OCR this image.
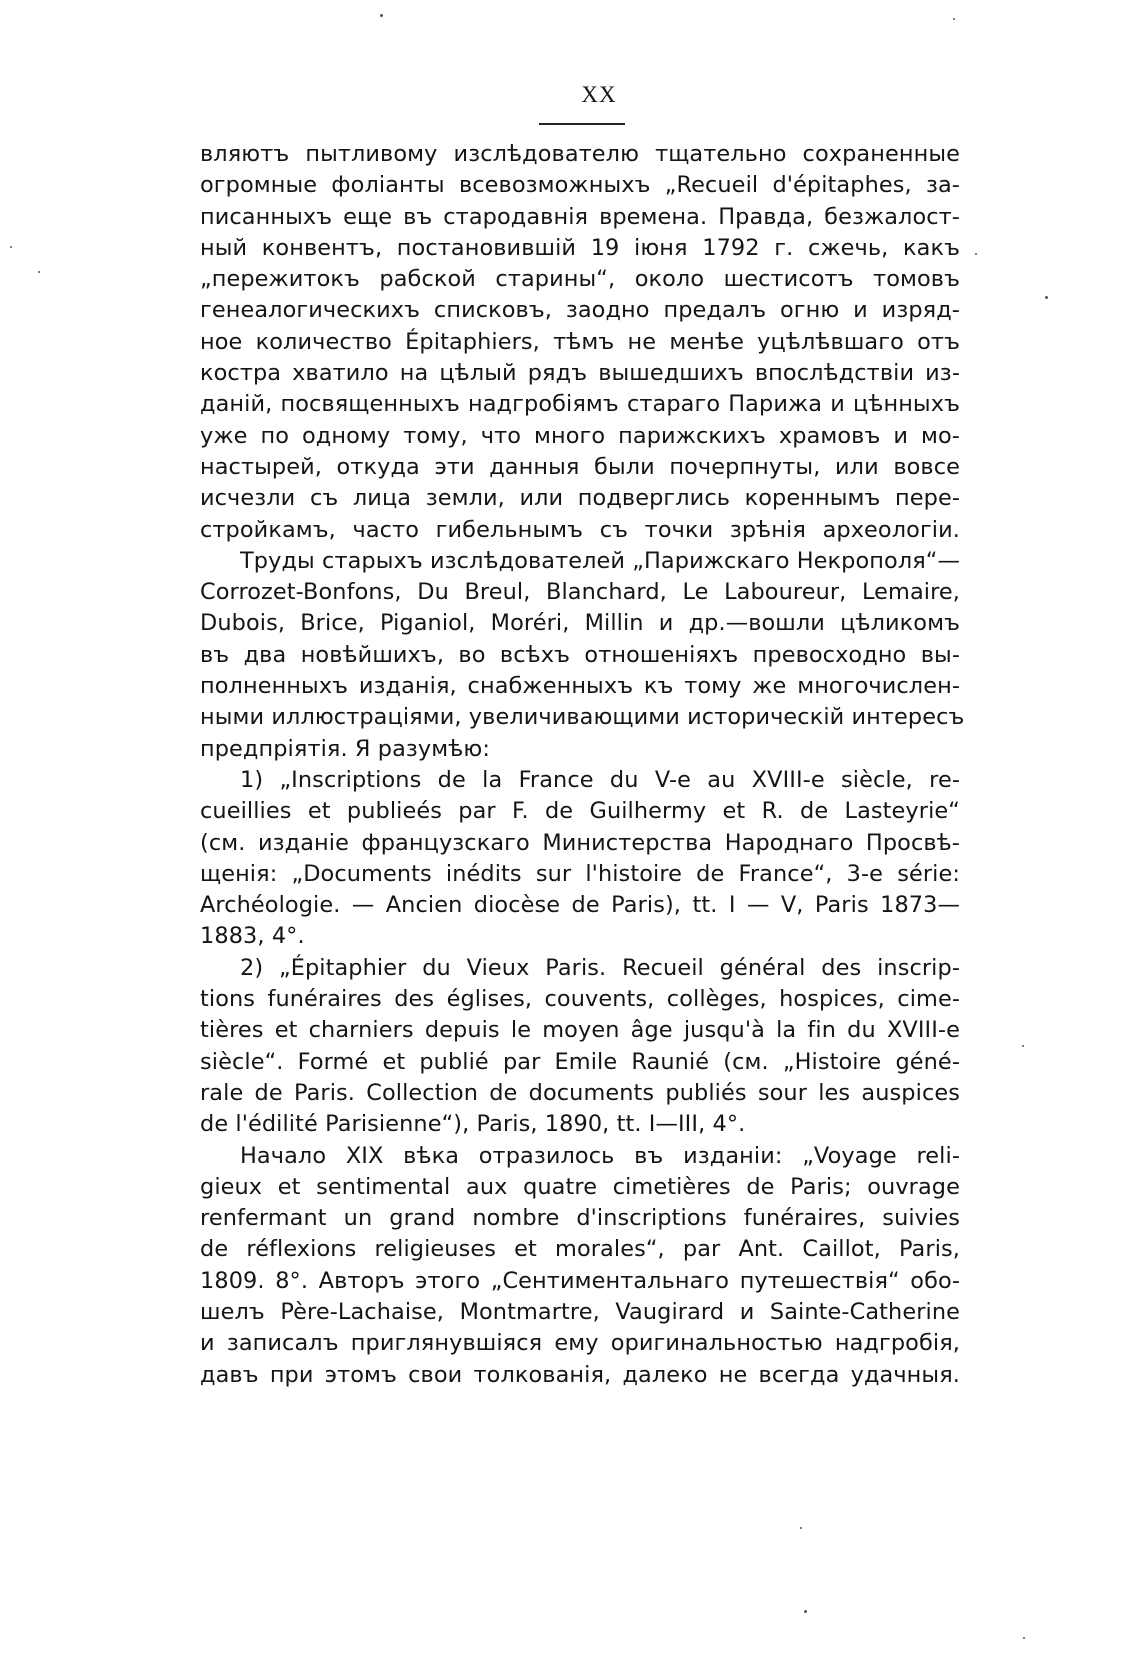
XX
вляютъ пытливому изслѣдователю тщательно сохраненные
огромные фоліанты всевозможныхъ „Recueil d'épitaphes, за-
писанныхъ еще въ стародавнія времена. Правда, безжалост-
ный конвентъ, постановившій 19 іюня 1792 г. сжечь, какъ
„пережитокъ рабской старины“, около шестисотъ томовъ
генеалогическихъ списковъ, заодно предалъ огню и изряд-
ное количество Épitaphiers, тѣмъ не менѣе уцѣлѣвшаго отъ
костра хватило на цѣлый рядъ вышедшихъ впослѣдствіи из-
даній, посвященныхъ надгробіямъ стараго Парижа и цѣнныхъ
уже по одному тому, что много парижскихъ храмовъ и мо-
настырей, откуда эти данныя были почерпнуты, или вовсе
исчезли съ лица земли, или подверглись кореннымъ пере-
стройкамъ, часто гибельнымъ съ точки зрѣнія археологіи.
Труды старыхъ изслѣдователей „Парижскаго Некрополя“—
Corrozet-Bonfons, Du Breul, Blanchard, Le Laboureur, Lemaire,
Dubois, Brice, Piganiol, Moréri, Millin и др.—вошли цѣликомъ
въ два новѣйшихъ, во всѣхъ отношеніяхъ превосходно вы-
полненныхъ изданія, снабженныхъ къ тому же многочислен-
ными иллюстраціями, увеличивающими историческій интересъ
предпріятія. Я разумѣю:
1) „Inscriptions de la France du V-e au XVIII-e siècle, re-
cueillies et publieés par F. de Guilhermy et R. de Lasteyrie“
(см. изданіе французскаго Министерства Народнаго Просвѣ-
щенія: „Documents inédits sur l'histoire de France“, 3-e série:
Archéologie. — Ancien diocèse de Paris), tt. I — V, Paris 1873—
1883, 4°.
2) „Épitaphier du Vieux Paris. Recueil général des inscrip-
tions funéraires des églises, couvents, collèges, hospices, cime-
tières et charniers depuis le moyen âge jusqu'à la fin du XVIII-e
siècle“. Formé et publié par Emile Raunié (см. „Histoire géné-
rale de Paris. Collection de documents publiés sour les auspices
de l'édilité Parisienne“), Paris, 1890, tt. I—III, 4°.
Начало XIX вѣка отразилось въ изданіи: „Voyage reli-
gieux et sentimental aux quatre cimetières de Paris; ouvrage
renfermant un grand nombre d'inscriptions funéraires, suivies
de réflexions religieuses et morales“, par Ant. Caillot, Paris,
1809. 8°. Авторъ этого „Сентиментальнаго путешествія“ обо-
шелъ Père-Lachaise, Montmartre, Vaugirard и Sainte-Catherine
и записалъ приглянувшіяся ему оригинальностью надгробія,
давъ при этомъ свои толкованія, далеко не всегда удачныя.
